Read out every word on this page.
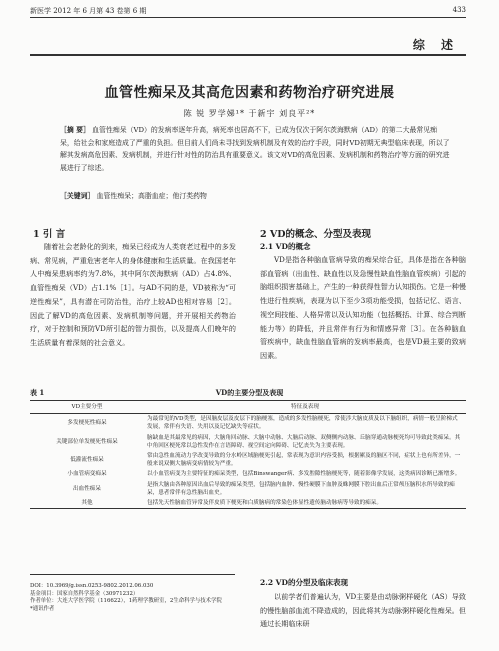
新医学 2012 年 6 月第 43 卷第 6 期	433
综 述
血管性痴呆及其高危因素和药物治疗研究进展
陈 锐 罗学娣¹* 于新宇 刘良平²*
［摘 要］ 血管性痴呆（VD）的发病率逐年升高，病死率也居高不下，已成为仅次于阿尔茨海默病（AD）的第二大最常见痴呆，给社会和家庭造成了严重的负担。但目前人们尚未寻找到发病机制及有效的治疗手段，同时VD初期无典型临床表现，所以了解其发病高危因素、发病机制，并进行针对性的防治具有重要意义。该文对VD的高危因素、发病机制和药物治疗等方面的研究进展进行了综述。
［关键词］ 血管性痴呆；高脂血症；他汀类药物
1 引 言

随着社会老龄化的到来，痴呆已经成为人类衰老过程中的多发病、常见病，严重危害老年人的身体健康和生活质量。在我国老年人中痴呆患病率约为7.8%，其中阿尔茨海默病（AD）占4.8%、血管性痴呆（VD）占1.1%［1］。与AD不同的是，VD被称为“可逆性痴呆”，具有潜在可防治性，治疗上较AD也相对容易［2］。因此了解VD的高危因素、发病机制等问题，并开展相关药物治疗，对于控制和预防VD所引起的智力损伤，以及提高人们晚年的生活质量有着深刻的社会意义。

2 VD的概念、分型及表现
2.1 VD的概念

VD是指各种脑血管病导致的痴呆综合征，具体是指在各种脑部血管病（出血性、缺血性以及急慢性缺血性脑血管疾病）引起的脑组织损害基础上，产生的一种获得性智力认知损伤。它是一种慢性进行性疾病，表现为以下至少3项功能受损，包括记忆、语言、视空间技能、人格异常以及认知功能（包括概括、计算、综合判断能力等）的降低，并且常伴有行为和情感异常［3］。在各种脑血管疾病中，缺血性脑血管病的发病率最高，也是VD最主要的致病因素。

表 1	VD的主要分型及表现
VD主要分型	特征及表现
多发梗死性痴呆	为最常见的VD类型，是因脑皮层及皮层下的脑梗塞，造成的多发性脑梗死，常使涉大脑皮质及以下脑组织，病情一般呈阶梯式发展，常伴有失语、失用以及记忆缺失等症状。
关键部位单发梗死性痴呆	脑缺血是其最常见的病因，大脑角回动脉、大脑中动脉、大脑后动脉、双侧侧内动脉、丘脑穿通动脉梗死均可导致此类痴呆。其中角回区梗死常以急性发作在言语障碍、视空间定向障碍、记忆丧失为主要表现。
低灌流性痴呆	常由急性血流动力学改变导致的分水岭区域脑梗死引起，常表现为意识内容受损，根据累及的脑区不同，症状上也有所差异，一般来说双侧大脑病变病情较为严重。
小血管病变痴呆	以小血管病变为主要特征的痴呆类型，包括Binswanger病、多发腔隙性脑梗死等，随着影像学发展，这类病因诊断已渐增多。
出血性痴呆	是指大脑由各种原因出血后导致的痴呆类型，包括脑内血肿、慢性硬膜下血肿及蛛网膜下腔出血后正常颅压脑积水所导致的痴呆，患者常伴有急性脑出血史。
其他	包括先天性脑血管异常及伴皮质下梗死和白质脑病的常染色体显性遗传脑动脉病等导致的痴呆。
DOI：10.3969/g.issn.0253-9802.2012.06.030
基金项目：国家自然科学基金（30971232）
作者单位：大连大学医学院（116622），1药理学教研室，2生命科学与技术学院
*通讯作者
2.2 VD的分型及临床表现

以前学者们普遍认为，VD主要是由动脉粥样硬化（AS）导致的慢性脑部血流不降造成的，因此将其为动脉粥样硬化性痴呆。但通过长期临床研
